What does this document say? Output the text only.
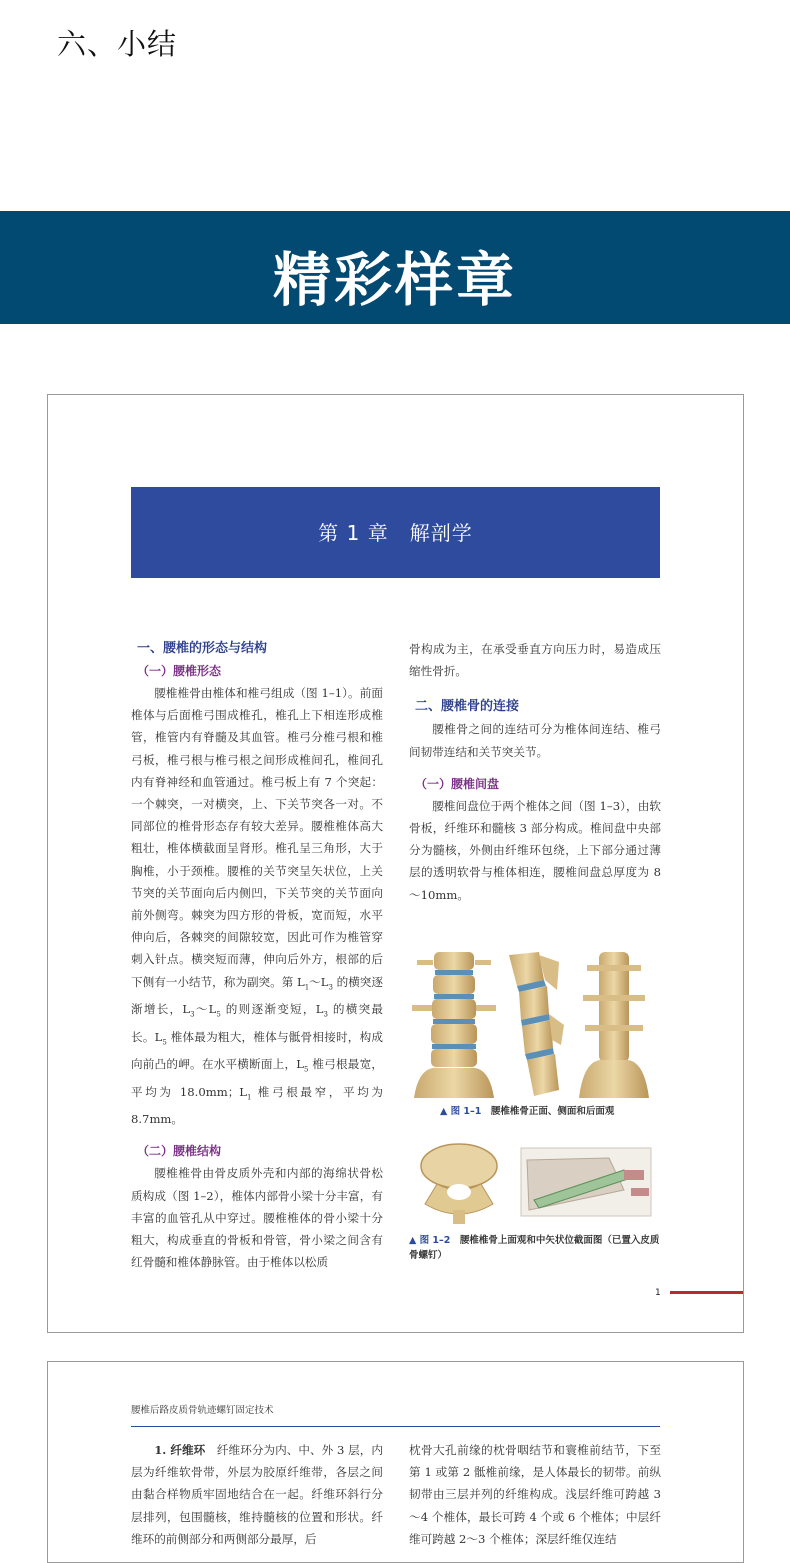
六、小结
精彩样章
第 1 章　解剖学
一、腰椎的形态与结构
（一）腰椎形态

腰椎椎骨由椎体和椎弓组成（图 1–1）。前面椎体与后面椎弓围成椎孔，椎孔上下相连形成椎管，椎管内有脊髓及其血管。椎弓分椎弓根和椎弓板，椎弓根与椎弓根之间形成椎间孔，椎间孔内有脊神经和血管通过。椎弓板上有 7 个突起：一个棘突，一对横突，上、下关节突各一对。不同部位的椎骨形态存有较大差异。腰椎椎体高大粗壮，椎体横截面呈肾形。椎孔呈三角形，大于胸椎，小于颈椎。腰椎的关节突呈矢状位，上关节突的关节面向后内侧凹，下关节突的关节面向前外侧弯。棘突为四方形的骨板，宽而短，水平伸向后，各棘突的间隙较宽，因此可作为椎管穿刺入针点。横突短而薄，伸向后外方，根部的后下侧有一小结节，称为副突。第 $L_1\sim L_3$ 的横突逐渐增长，$L_3\sim L_5$ 的则逐渐变短，$L_3$ 的横突最长。$L_5$ 椎体最为粗大，椎体与骶骨相接时，构成向前凸的岬。在水平横断面上，$L_5$ 椎弓根最宽，平均为 18.0mm；$L_1$ 椎弓根最窄，平均为 8.7mm。

（二）腰椎结构

腰椎椎骨由骨皮质外壳和内部的海绵状骨松质构成（图 1–2），椎体内部骨小梁十分丰富，有丰富的血管孔从中穿过。腰椎椎体的骨小梁十分粗大，构成垂直的骨板和骨管，骨小梁之间含有红骨髓和椎体静脉管。由于椎体以松质

骨构成为主，在承受垂直方向压力时，易造成压缩性骨折。

二、腰椎骨的连接

腰椎骨之间的连结可分为椎体间连结、椎弓间韧带连结和关节突关节。

（一）腰椎间盘

腰椎间盘位于两个椎体之间（图 1–3），由软骨板，纤维环和髓核 3 部分构成。椎间盘中央部分为髓核，外侧由纤维环包绕，上下部分通过薄层的透明软骨与椎体相连，腰椎间盘总厚度为 8～10mm。

▲ 图 1–1　 腰椎椎骨正面、侧面和后面观
▲ 图 1–2　 腰椎椎骨上面观和中矢状位截面图（已置入皮质骨螺钉）
1
腰椎后路皮质骨轨迹螺钉固定技术

1. 纤维环　 纤维环分为内、中、外 3 层，内层为纤维软骨带，外层为胶原纤维带，各层之间由黏合样物质牢固地结合在一起。纤维环斜行分层排列，包围髓核，维持髓核的位置和形状。纤维环的前侧部分和两侧部分最厚，后

枕骨大孔前缘的枕骨咽结节和寰椎前结节，下至第 1 或第 2 骶椎前缘，是人体最长的韧带。前纵韧带由三层并列的纤维构成。浅层纤维可跨越 3～4 个椎体，最长可跨 4 个或 6 个椎体；中层纤维可跨越 2～3 个椎体；深层纤维仅连结
